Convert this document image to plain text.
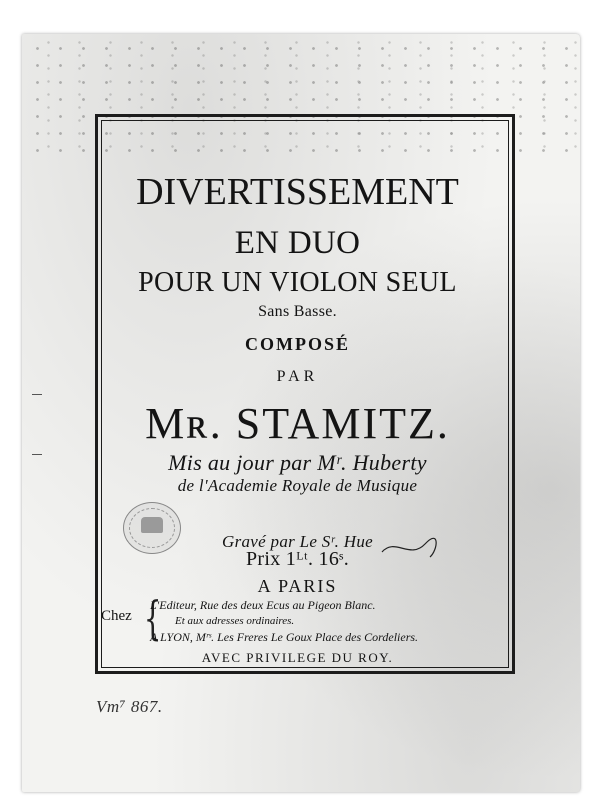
DIVERTISSEMENT
EN DUO
POUR UN VIOLON SEUL
Sans Basse.
COMPOSÉ
PAR
Mʀ. STAMITZ.
Mis au jour par Mʳ. Huberty
de l'Academie Royale de Musique
Gravé par Le Sʳ. Hue
Prix 1ᴸᵗ. 16ˢ.
A PARIS
Chez {
L'Editeur, Rue des deux Ecus au Pigeon Blanc.
Et aux adresses ordinaires.
A LYON, Mʳˢ. Les Freres Le Goux Place des Cordeliers.
AVEC PRIVILEGE DU ROY.
Vm⁷ 867.
